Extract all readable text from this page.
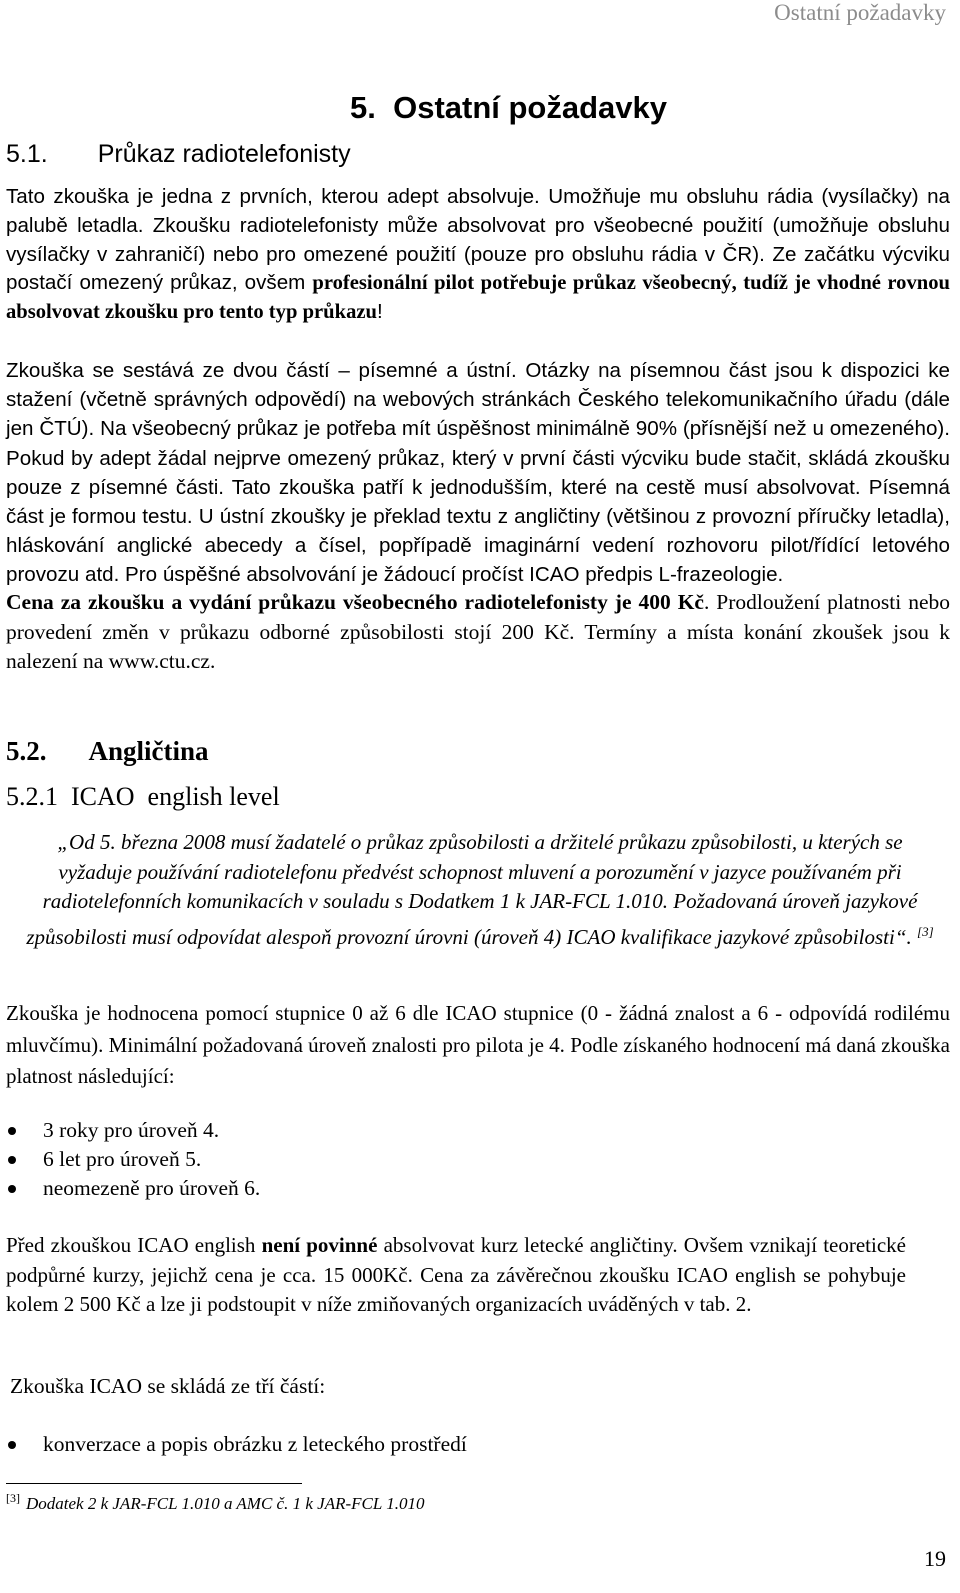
Ostatní požadavky
5. Ostatní požadavky
5.1. Průkaz radiotelefonisty
Tato zkouška je jedna z prvních, kterou adept absolvuje. Umožňuje mu obsluhu rádia (vysílačky) na palubě letadla. Zkoušku radiotelefonisty může absolvovat pro všeobecné použití (umožňuje obsluhu vysílačky v zahraničí) nebo pro omezené použití (pouze pro obsluhu rádia v ČR). Ze začátku výcviku postačí omezený průkaz, ovšem profesionální pilot potřebuje průkaz všeobecný, tudíž je vhodné rovnou absolvovat zkoušku pro tento typ průkazu!
Zkouška se sestává ze dvou částí – písemné a ústní. Otázky na písemnou část jsou k dispozici ke stažení (včetně správných odpovědí) na webových stránkách Českého telekomunikačního úřadu (dále jen ČTÚ). Na všeobecný průkaz je potřeba mít úspěšnost minimálně 90% (přísnější než u omezeného). Pokud by adept žádal nejprve omezený průkaz, který v první části výcviku bude stačit, skládá zkoušku pouze z písemné části. Tato zkouška patří k jednodušším, které na cestě musí absolvovat. Písemná část je formou testu. U ústní zkoušky je překlad textu z angličtiny (většinou z provozní příručky letadla), hláskování anglické abecedy a čísel, popřípadě imaginární vedení rozhovoru pilot/řídící letového provozu atd. Pro úspěšné absolvování je žádoucí pročíst ICAO předpis L-frazeologie.
Cena za zkoušku a vydání průkazu všeobecného radiotelefonisty je 400 Kč. Prodloužení platnosti nebo provedení změn v průkazu odborné způsobilosti stojí 200 Kč. Termíny a místa konání zkoušek jsou k nalezení na www.ctu.cz.
5.2. Angličtina
5.2.1 ICAO  english level
„Od 5. března 2008 musí žadatelé o průkaz způsobilosti a držitelé průkazu způsobilosti, u kterých se vyžaduje používání radiotelefonu předvést schopnost mluvení a porozumění v jazyce používaném při radiotelefonních komunikacích v souladu s Dodatkem 1 k JAR-FCL 1.010. Požadovaná úroveň jazykové způsobilosti musí odpovídat alespoň provozní úrovni (úroveň 4) ICAO kvalifikace jazykové způsobilosti“. [3]
Zkouška je hodnocena pomocí stupnice 0 až 6 dle ICAO stupnice (0 - žádná znalost a 6 - odpovídá rodilému mluvčímu). Minimální požadovaná úroveň znalosti pro pilota je 4. Podle získaného hodnocení má daná zkouška platnost následující:
3 roky pro úroveň 4.
6 let pro úroveň 5.
neomezeně pro úroveň 6.
Před zkouškou ICAO english není povinné absolvovat kurz letecké angličtiny. Ovšem vznikají teoretické podpůrné kurzy, jejichž cena je cca. 15 000Kč. Cena za závěrečnou zkoušku ICAO english se pohybuje kolem 2 500 Kč a lze ji podstoupit v níže zmiňovaných organizacích uváděných v tab. 2.
Zkouška ICAO se skládá ze tří částí:
konverzace a popis obrázku z leteckého prostředí
[3] Dodatek 2 k JAR-FCL 1.010 a AMC č. 1 k JAR-FCL 1.010
19
